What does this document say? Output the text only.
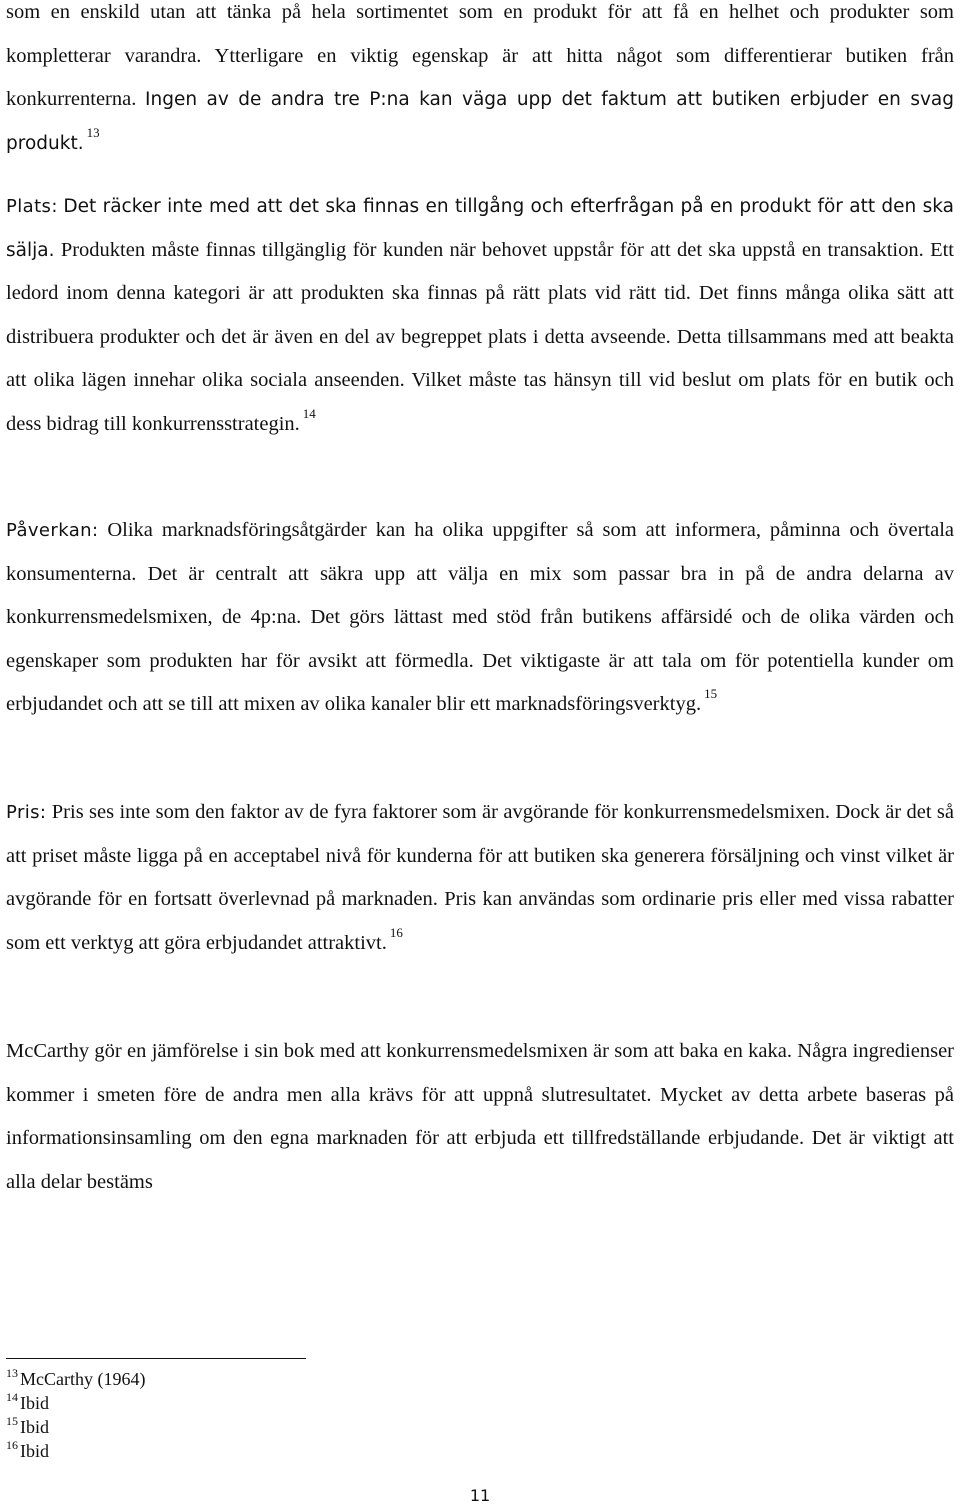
som en enskild utan att tänka på hela sortimentet som en produkt för att få en helhet och produkter som kompletterar varandra. Ytterligare en viktig egenskap är att hitta något som differentierar butiken från konkurrenterna. Ingen av de andra tre P:na kan väga upp det faktum att butiken erbjuder en svag produkt.$^{13}$

Plats: Det räcker inte med att det ska finnas en tillgång och efterfrågan på en produkt för att den ska sälja. Produkten måste finnas tillgänglig för kunden när behovet uppstår för att det ska uppstå en transaktion. Ett ledord inom denna kategori är att produkten ska finnas på rätt plats vid rätt tid. Det finns många olika sätt att distribuera produkter och det är även en del av begreppet plats i detta avseende. Detta tillsammans med att beakta att olika lägen innehar olika sociala anseenden. Vilket måste tas hänsyn till vid beslut om plats för en butik och dess bidrag till konkurrensstrategin. $^{14}$

Påverkan: Olika marknadsföringsåtgärder kan ha olika uppgifter så som att informera, påminna och övertala konsumenterna. Det är centralt att säkra upp att välja en mix som passar bra in på de andra delarna av konkurrensmedelsmixen, de 4p:na. Det görs lättast med stöd från butikens affärsidé och de olika värden och egenskaper som produkten har för avsikt att förmedla. Det viktigaste är att tala om för potentiella kunder om erbjudandet och att se till att mixen av olika kanaler blir ett marknadsföringsverktyg. $^{15}$

Pris: Pris ses inte som den faktor av de fyra faktorer som är avgörande för konkurrensmedelsmixen. Dock är det så att priset måste ligga på en acceptabel nivå för kunderna för att butiken ska generera försäljning och vinst vilket är avgörande för en fortsatt överlevnad på marknaden. Pris kan användas som ordinarie pris eller med vissa rabatter som ett verktyg att göra erbjudandet attraktivt. $^{16}$

McCarthy gör en jämförelse i sin bok med att konkurrensmedelsmixen är som att baka en kaka. Några ingredienser kommer i smeten före de andra men alla krävs för att uppnå slutresultatet. Mycket av detta arbete baseras på informationsinsamling om den egna marknaden för att erbjuda ett tillfredställande erbjudande. Det är viktigt att alla delar bestäms

$^{13}$ McCarthy (1964)
$^{14}$ Ibid
$^{15}$ Ibid
$^{16}$ Ibid
11
